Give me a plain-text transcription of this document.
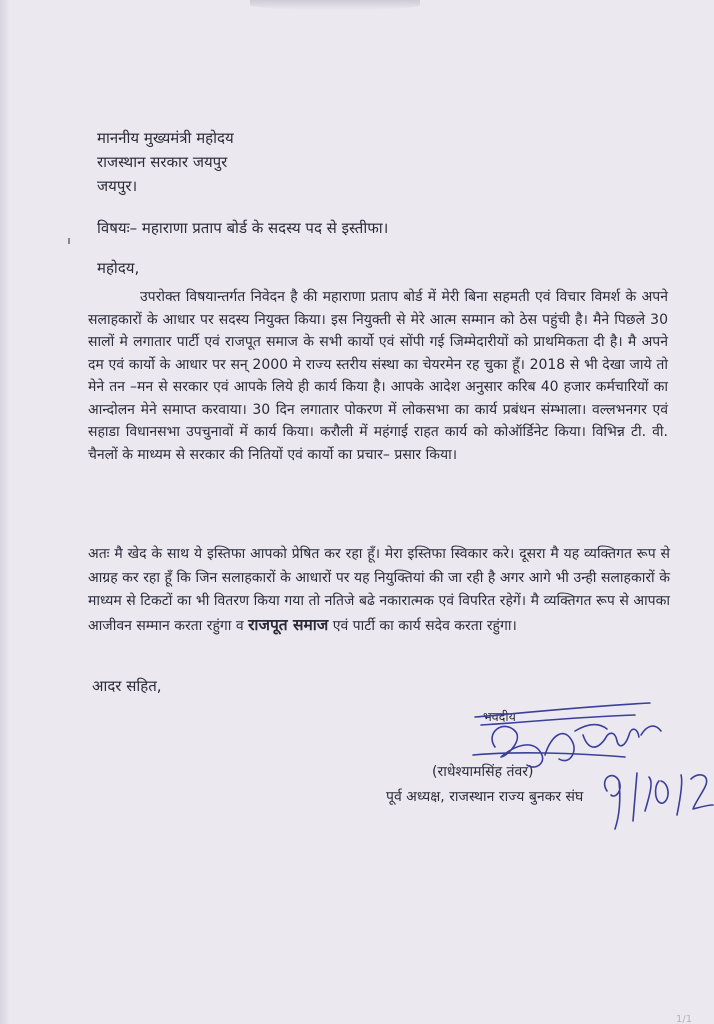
माननीय मुख्यमंत्री महोदय
राजस्थान सरकार जयपुर
जयपुर।
विषयः– महाराणा प्रताप बोर्ड के सदस्य पद से इस्तीफा।
महोदय,
उपरोक्त विषयान्तर्गत निवेदन है की महाराणा प्रताप बोर्ड में मेरी बिना सहमती एवं विचार विमर्श के अपने सलाहकारों के आधार पर सदस्य नियुक्त किया। इस नियुक्ती से मेरे आत्म सम्मान को ठेस पहुंची है। मैने पिछले 30 सालों मे लगातार पार्टी एवं राजपूत समाज के सभी कार्यो एवं सोंपी गई जिम्मेदारीयों को प्राथमिकता दी है। मै अपने दम एवं कार्यो के आधार पर सन् 2000 मे राज्य स्तरीय संस्था का चेयरमेन रह चुका हूँ। 2018 से भी देखा जाये तो मेने तन –मन से सरकार एवं आपके लिये ही कार्य किया है। आपके आदेश अनुसार करिब 40 हजार कर्मचारियों का आन्दोलन मेने समाप्त करवाया। 30 दिन लगातार पोकरण में लोकसभा का कार्य प्रबंधन संम्भाला। वल्लभनगर एवं सहाडा विधानसभा उपचुनावों में कार्य किया। करौली में महंगाई राहत कार्य को कोऑर्डिनेट किया। विभिन्न टी. वी. चैनलों के माध्यम से सरकार की नितियों एवं कार्यो का प्रचार– प्रसार किया।
अतः मै खेद के साथ ये इस्तिफा आपको प्रेषित कर रहा हूँ। मेरा इस्तिफा स्विकार करे। दूसरा मै यह व्यक्तिगत रूप से आग्रह कर रहा हूँ कि जिन सलाहकारों के आधारों पर यह नियुक्तियां की जा रही है अगर आगे भी उन्ही सलाहकारों के माध्यम से टिकटों का भी वितरण किया गया तो नतिजे बढे नकारात्मक एवं विपरित रहेगें। मै व्यक्तिगत रूप से आपका आजीवन सम्मान करता रहुंगा व राजपूत समाज एवं पार्टी का कार्य सदेव करता रहुंगा।
आदर सहित,
भवदीय
(राधेश्यामसिंह तंवर)
पूर्व अध्यक्ष, राजस्थान राज्य बुनकर संघ
1/1
